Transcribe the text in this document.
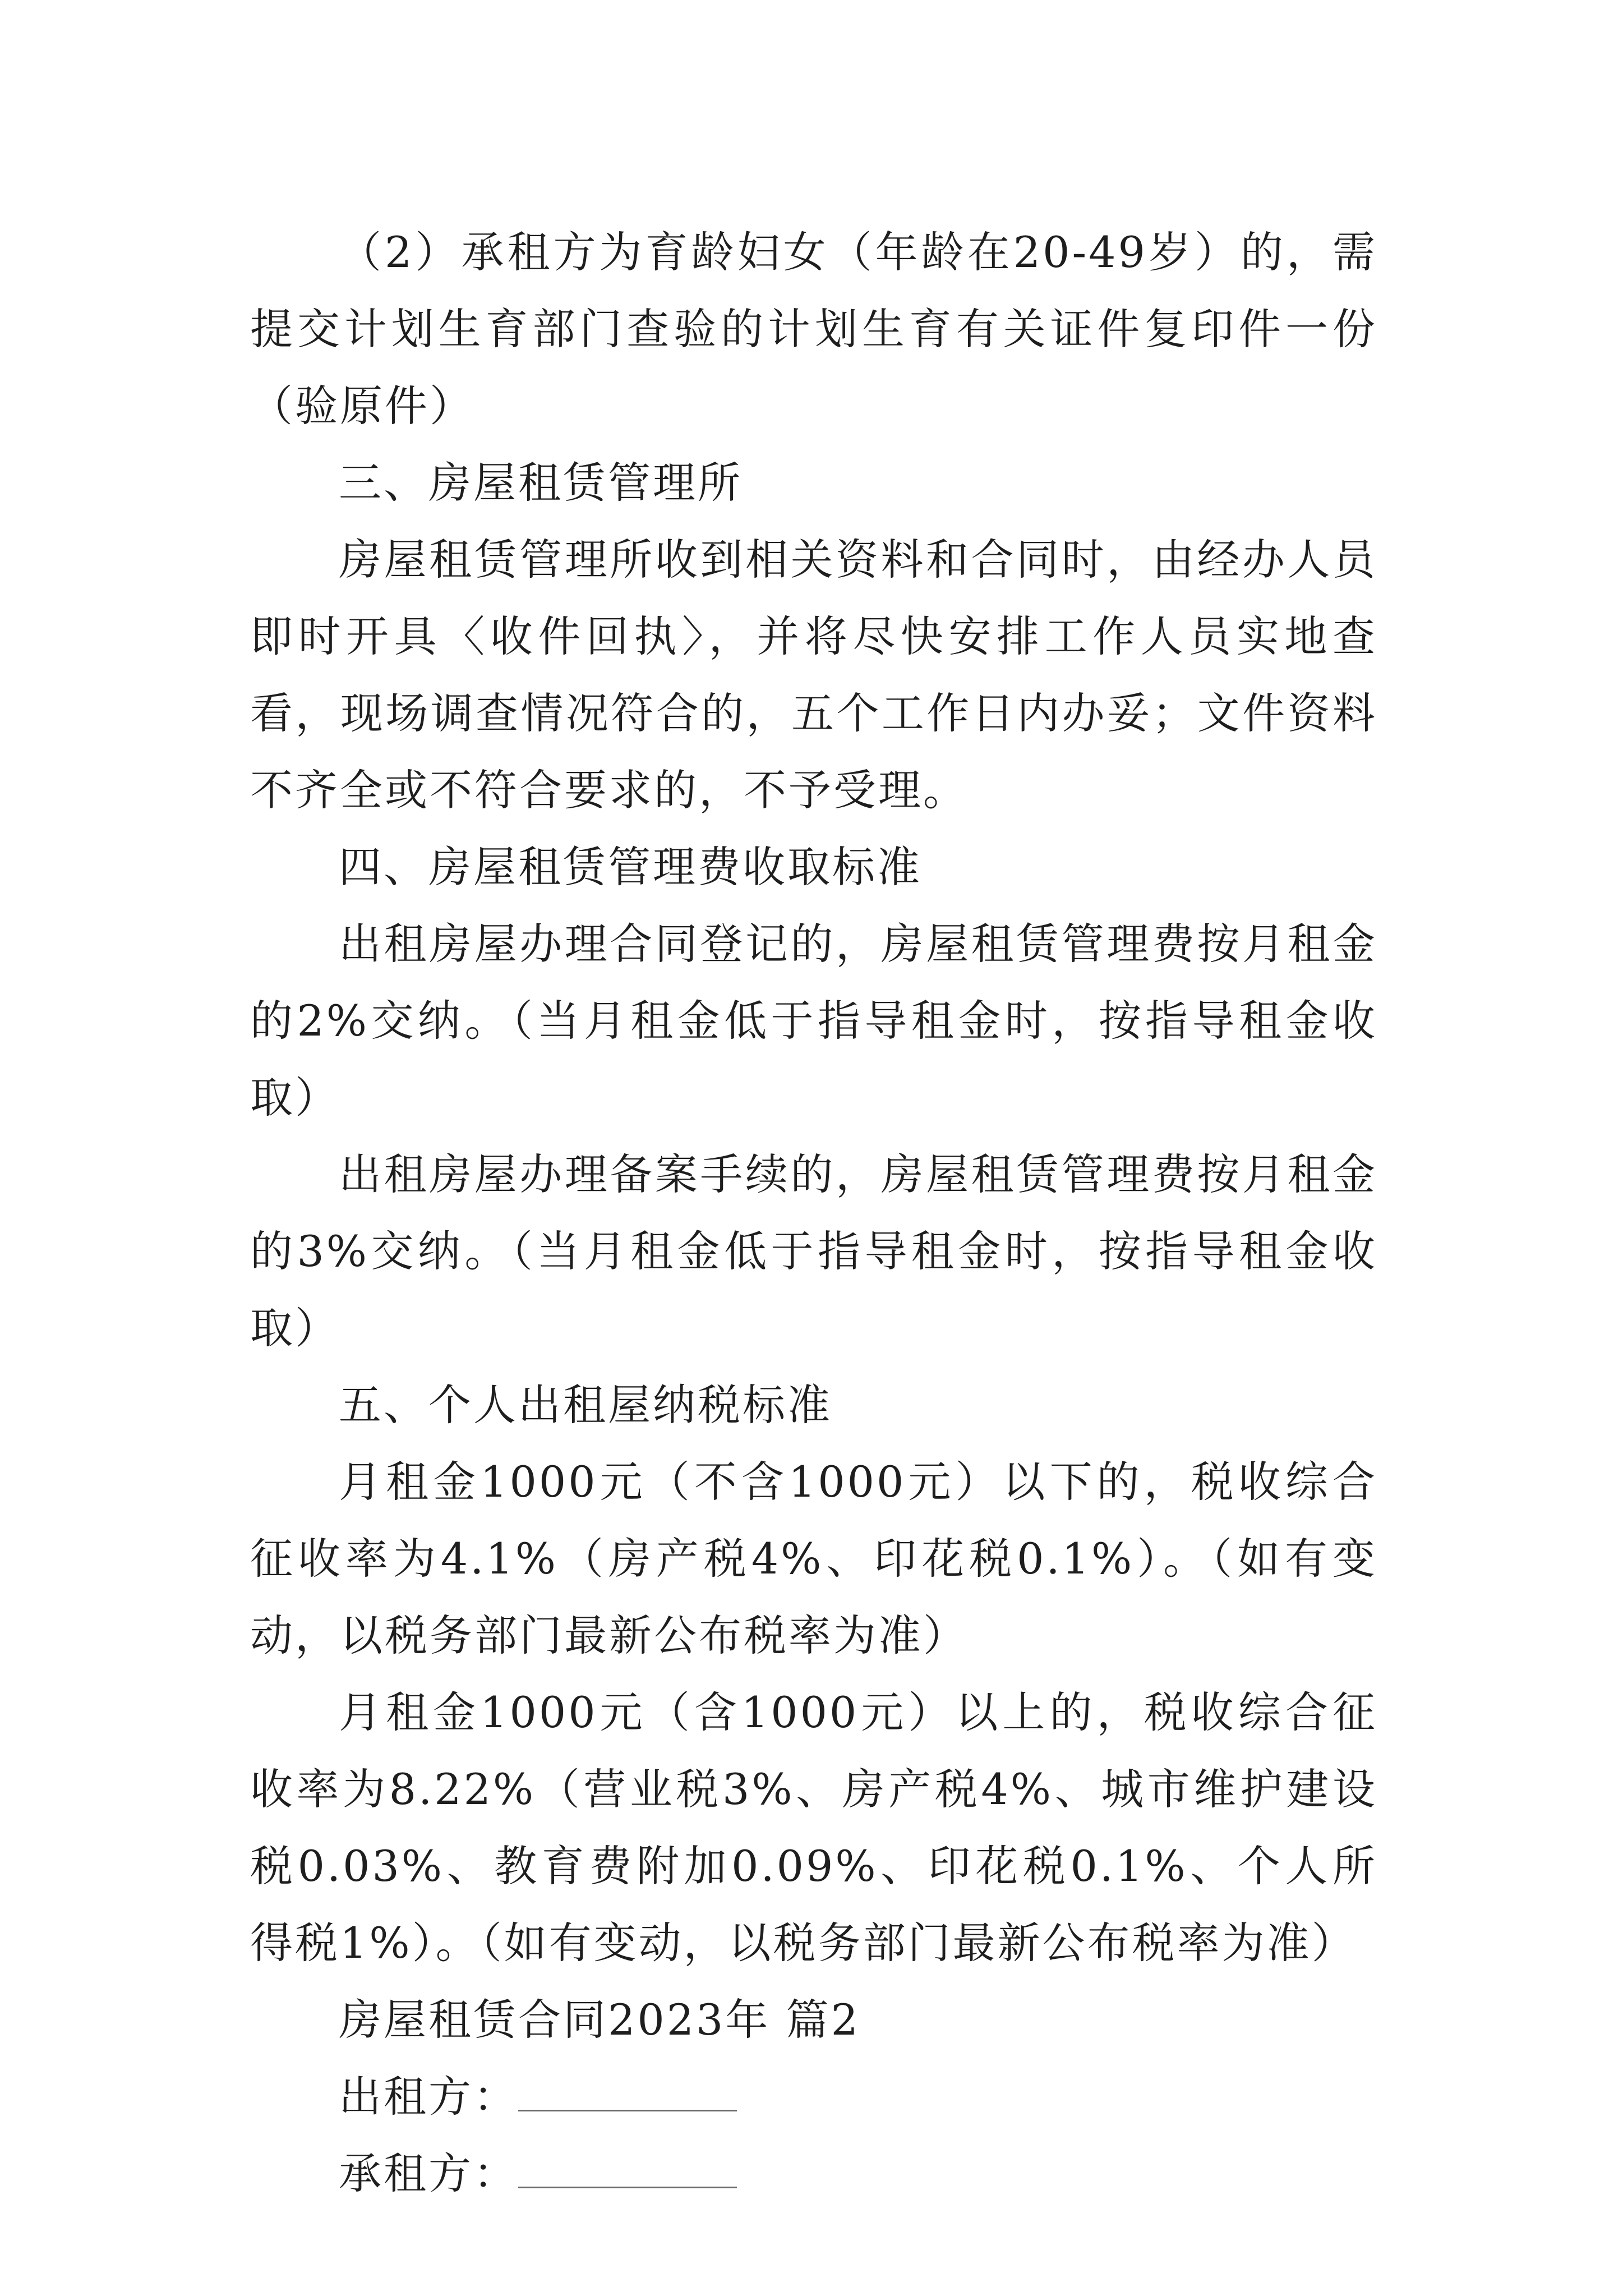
（2）承租方为育龄妇女（年龄在20-49岁）的，需提交计划生育部门查验的计划生育有关证件复印件一份（验原件）

三、房屋租赁管理所

房屋租赁管理所收到相关资料和合同时，由经办人员即时开具〈收件回执〉，并将尽快安排工作人员实地查看，现场调查情况符合的，五个工作日内办妥；文件资料不齐全或不符合要求的，不予受理。

四、房屋租赁管理费收取标准

出租房屋办理合同登记的，房屋租赁管理费按月租金的2%交纳。（当月租金低于指导租金时，按指导租金收取）

出租房屋办理备案手续的，房屋租赁管理费按月租金的3%交纳。（当月租金低于指导租金时，按指导租金收取）

五、个人出租屋纳税标准

月租金1000元（不含1000元）以下的，税收综合征收率为4.1%（房产税4%、印花税0.1%）。（如有变动，以税务部门最新公布税率为准）

月租金1000元（含1000元）以上的，税收综合征收率为8.22%（营业税3%、房产税4%、城市维护建设税0.03%、教育费附加0.09%、印花税0.1%、个人所得税1%）。（如有变动，以税务部门最新公布税率为准）

房屋租赁合同2023年 篇2

出租方：
承租方：
